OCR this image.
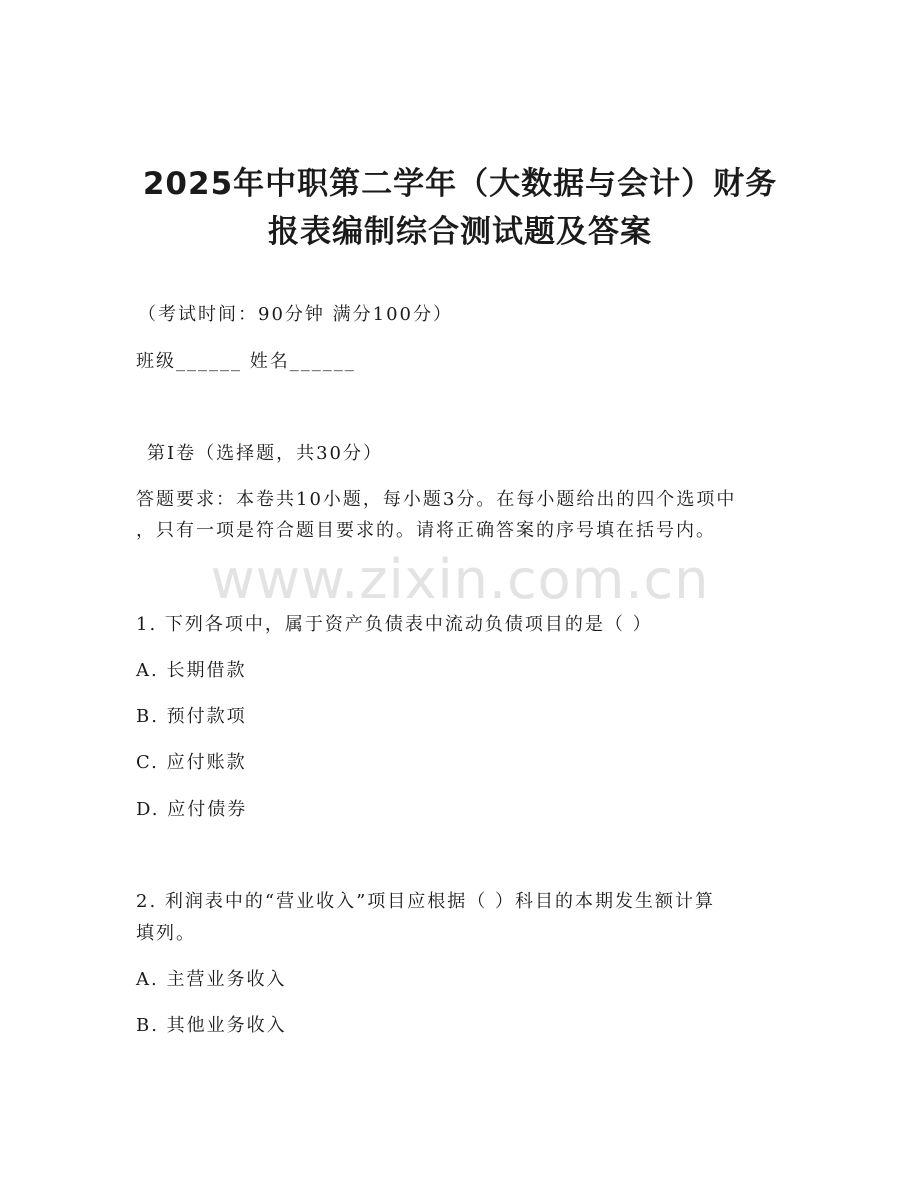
2025年中职第二学年（大数据与会计）财务
报表编制综合测试题及答案
（考试时间：90分钟 满分100分）
班级______ 姓名______
第I卷（选择题，共30分）
答题要求：本卷共10小题，每小题3分。在每小题给出的四个选项中
，只有一项是符合题目要求的。请将正确答案的序号填在括号内。
www.zixin.com.cn
1. 下列各项中，属于资产负债表中流动负债项目的是（ ）
A. 长期借款
B. 预付款项
C. 应付账款
D. 应付债券
2. 利润表中的“营业收入”项目应根据（ ）科目的本期发生额计算
填列。
A. 主营业务收入
B. 其他业务收入
